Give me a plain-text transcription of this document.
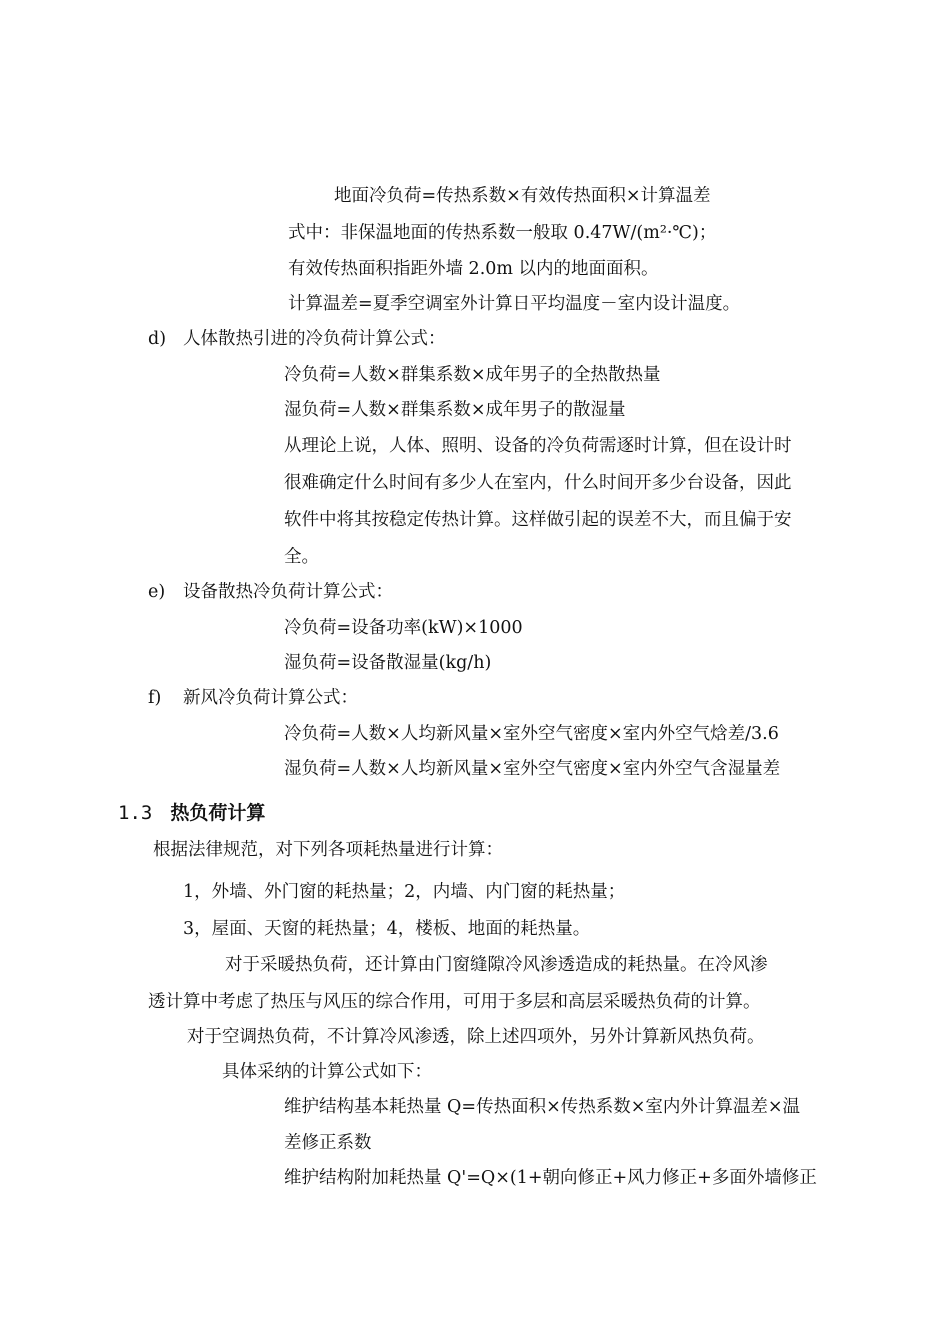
地面冷负荷=传热系数×有效传热面积×计算温差
式中：非保温地面的传热系数一般取 0.47W/(m²·℃)；
有效传热面积指距外墙 2.0m 以内的地面面积。
计算温差=夏季空调室外计算日平均温度－室内设计温度。
d) 人体散热引进的冷负荷计算公式：
冷负荷=人数×群集系数×成年男子的全热散热量
湿负荷=人数×群集系数×成年男子的散湿量
从理论上说，人体、照明、设备的冷负荷需逐时计算，但在设计时
很难确定什么时间有多少人在室内，什么时间开多少台设备，因此
软件中将其按稳定传热计算。这样做引起的误差不大，而且偏于安
全。
e) 设备散热冷负荷计算公式：
冷负荷=设备功率(kW)×1000
湿负荷=设备散湿量(kg/h)
f) 新风冷负荷计算公式：
冷负荷=人数×人均新风量×室外空气密度×室内外空气焓差/3.6
湿负荷=人数×人均新风量×室外空气密度×室内外空气含湿量差
1.3 热负荷计算
根据法律规范，对下列各项耗热量进行计算：
1，外墙、外门窗的耗热量；2，内墙、内门窗的耗热量；
3，屋面、天窗的耗热量；4，楼板、地面的耗热量。
对于采暖热负荷，还计算由门窗缝隙冷风渗透造成的耗热量。在冷风渗
透计算中考虑了热压与风压的综合作用，可用于多层和高层采暖热负荷的计算。
对于空调热负荷，不计算冷风渗透，除上述四项外，另外计算新风热负荷。
具体采纳的计算公式如下：
维护结构基本耗热量 Q=传热面积×传热系数×室内外计算温差×温
差修正系数
维护结构附加耗热量 Q'=Q×(1+朝向修正+风力修正+多面外墙修正
